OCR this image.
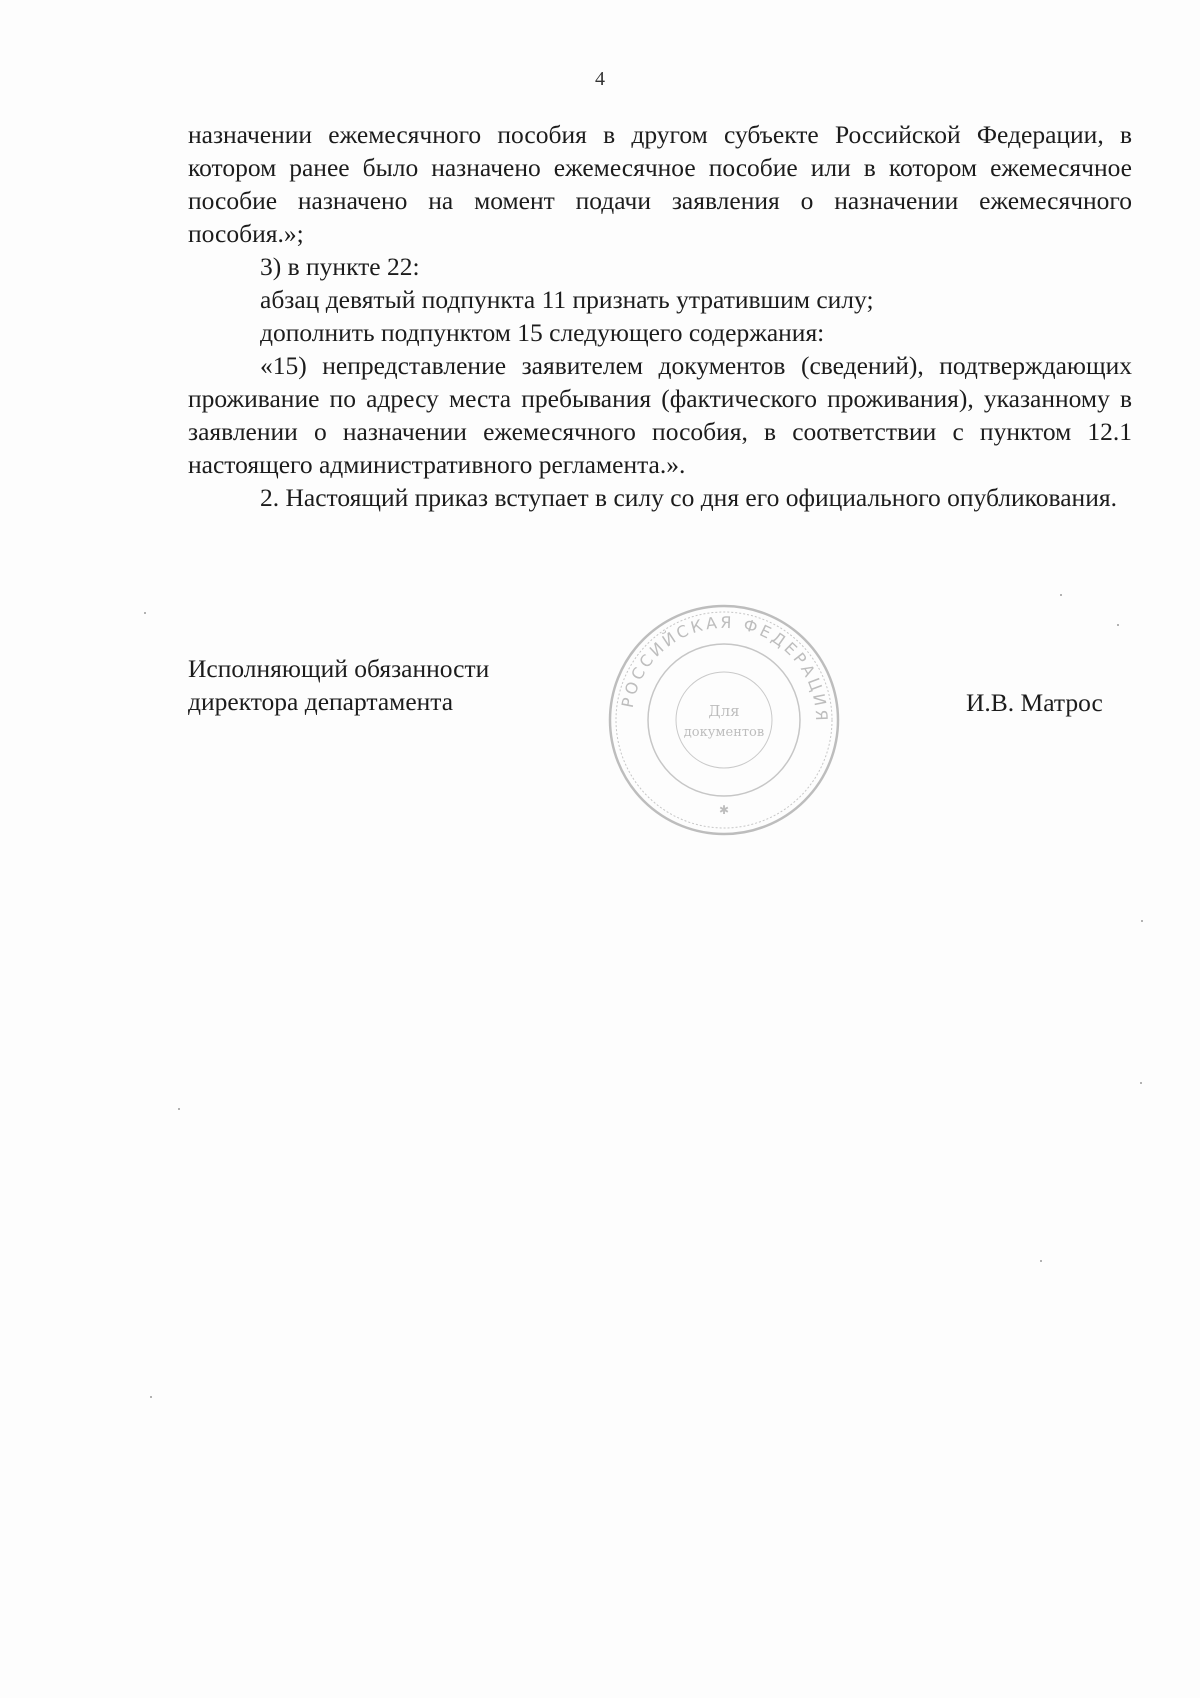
4

назначении ежемесячного пособия в другом субъекте Российской Федерации, в котором ранее было назначено ежемесячное пособие или в котором ежемесячное пособие назначено на момент подачи заявления о назначении ежемесячного пособия.»;

3) в пункте 22:

абзац девятый подпункта 11 признать утратившим силу;

дополнить подпунктом 15 следующего содержания:

«15) непредставление заявителем документов (сведений), подтверждающих проживание по адресу места пребывания (фактического проживания), указанному в заявлении о назначении ежемесячного пособия, в соответствии с пунктом 12.1 настоящего административного регламента.».

2. Настоящий приказ вступает в силу со дня его официального опубликования.

Исполняющий обязанности
директора департамента	РОССИЙСКАЯ ФЕДЕРАЦИЯ
Для
документов
✱
И.В. Матрос
